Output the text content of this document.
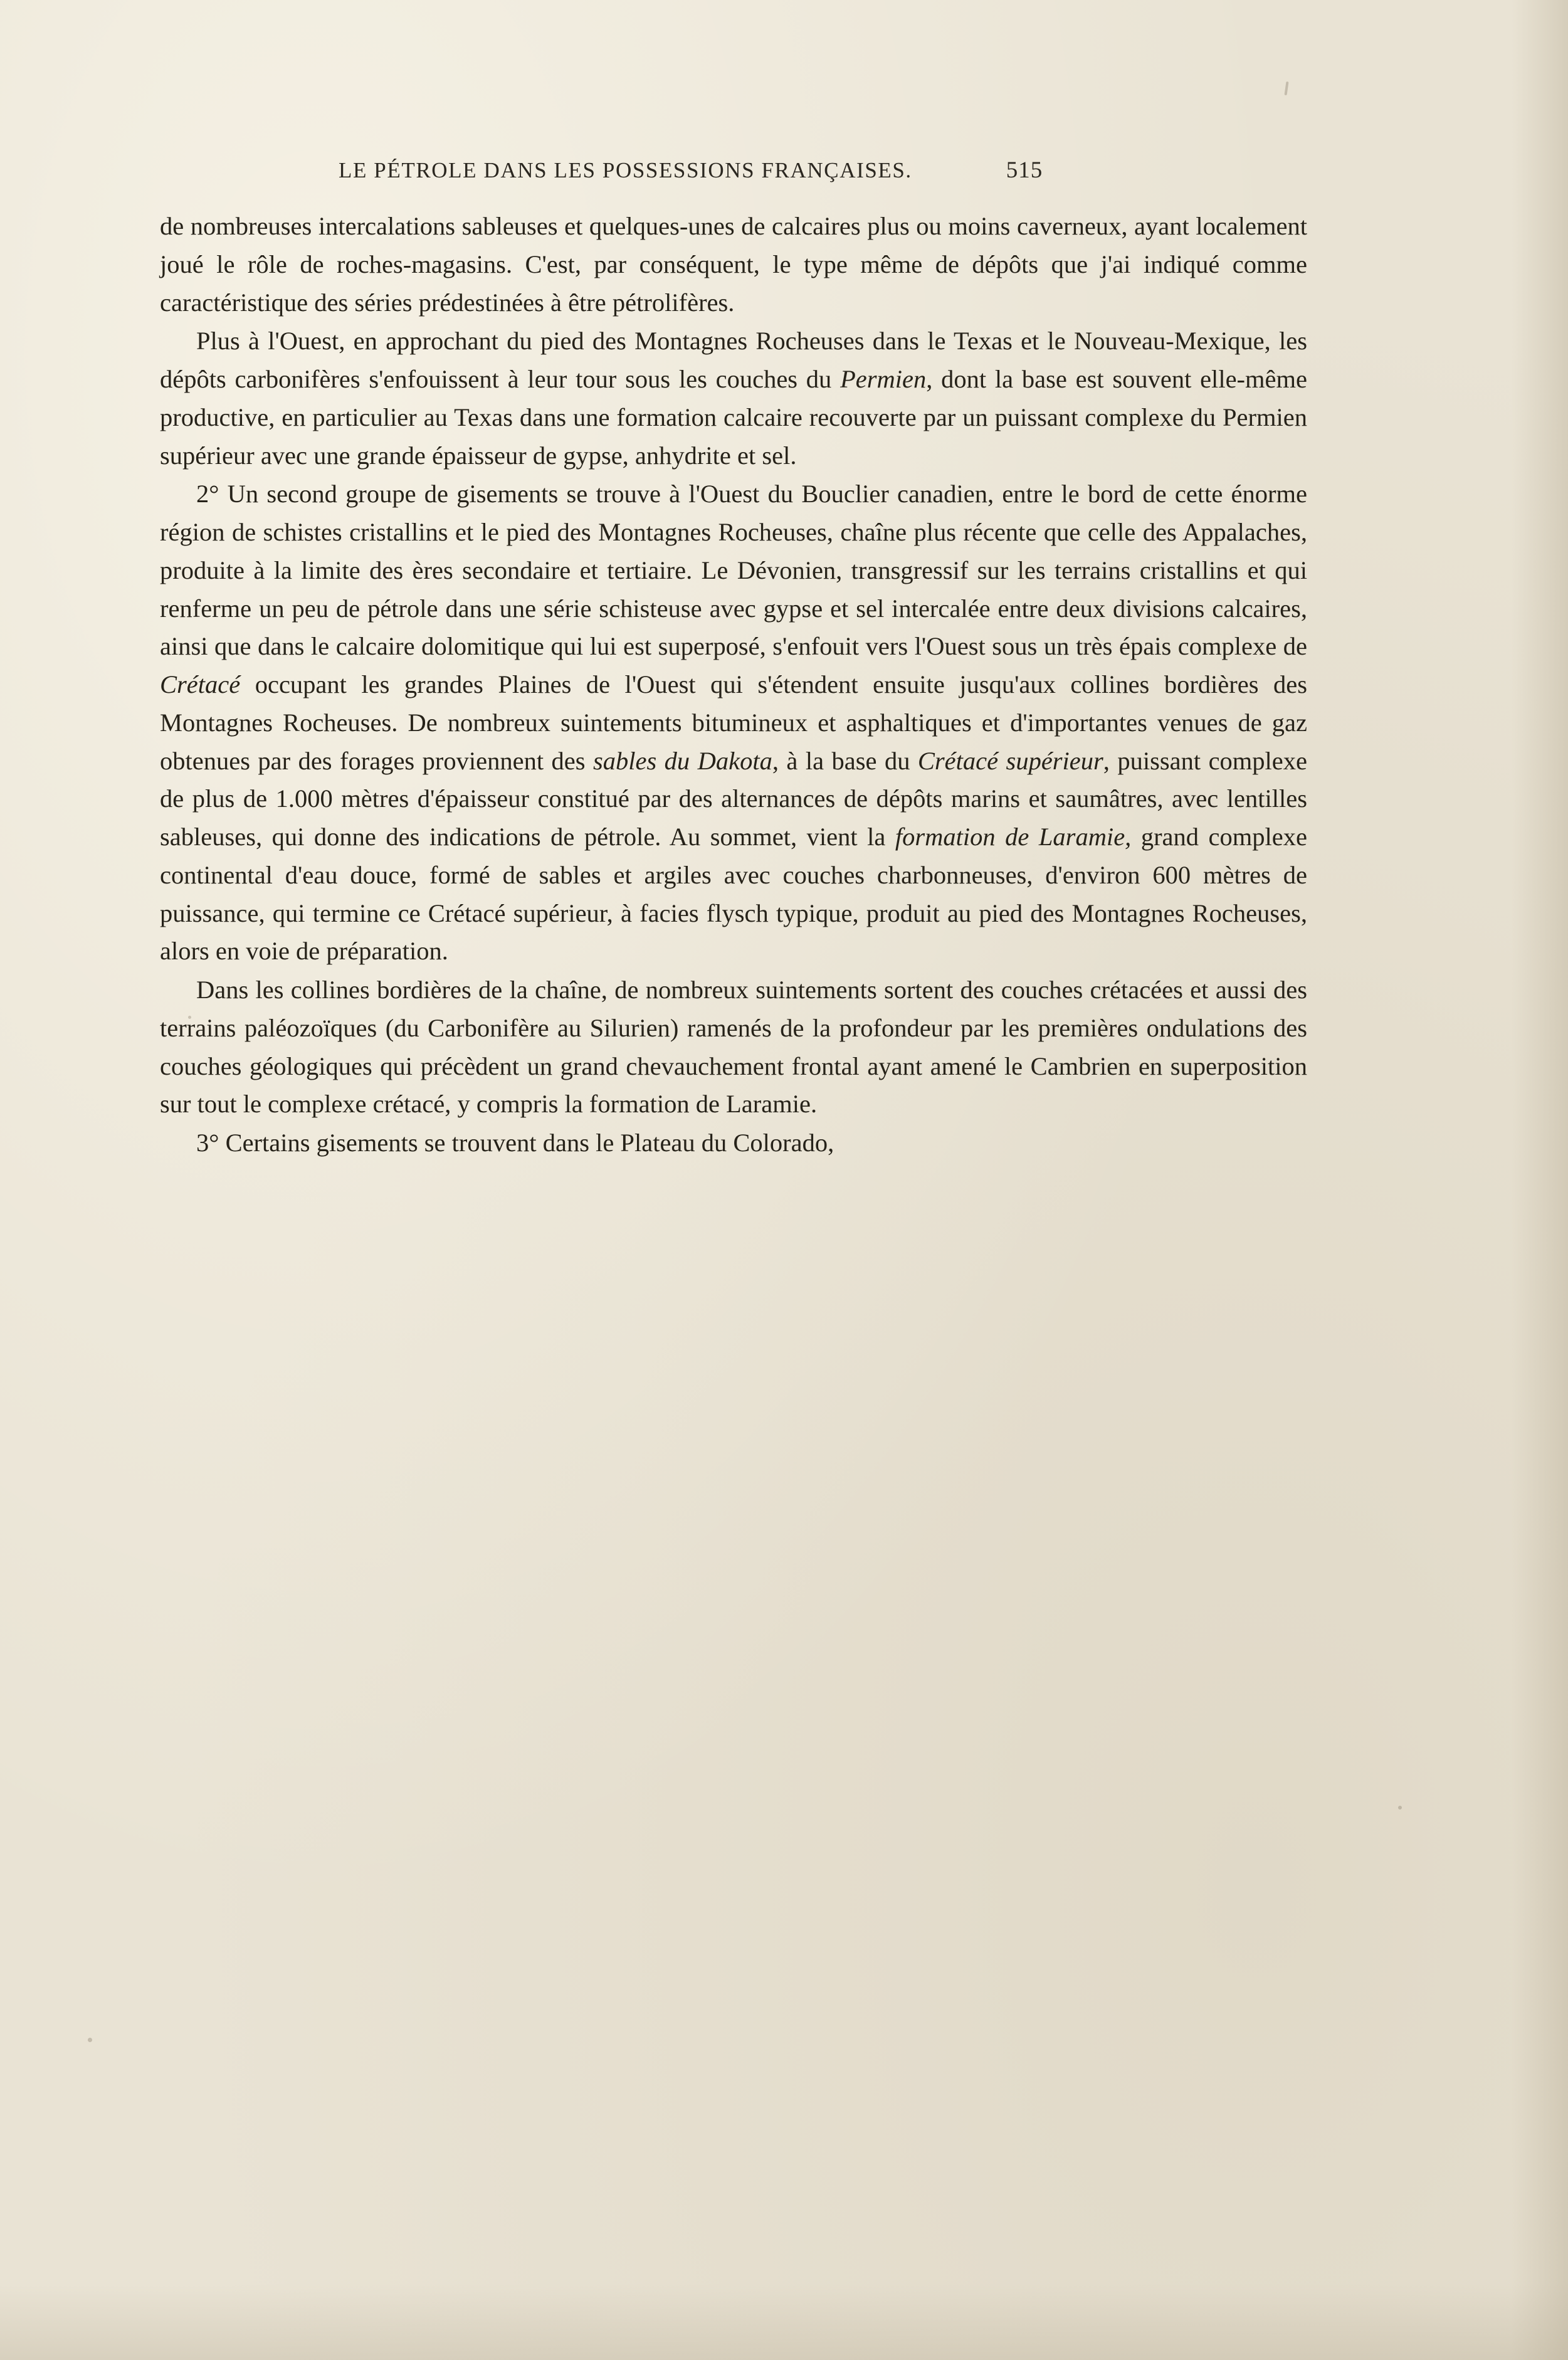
LE PÉTROLE DANS LES POSSESSIONS FRANÇAISES.	515

de nombreuses intercalations sableuses et quelques-unes de calcaires plus ou moins caverneux, ayant localement joué le rôle de roches-magasins. C'est, par conséquent, le type même de dépôts que j'ai indiqué comme caractéristique des séries prédestinées à être pétrolifères.

Plus à l'Ouest, en approchant du pied des Montagnes Rocheuses dans le Texas et le Nouveau-Mexique, les dépôts carbonifères s'enfouissent à leur tour sous les couches du Permien, dont la base est souvent elle-même productive, en particulier au Texas dans une formation calcaire recouverte par un puissant complexe du Permien supérieur avec une grande épaisseur de gypse, anhydrite et sel.

2° Un second groupe de gisements se trouve à l'Ouest du Bouclier canadien, entre le bord de cette énorme région de schistes cristallins et le pied des Montagnes Rocheuses, chaîne plus récente que celle des Appalaches, produite à la limite des ères secondaire et tertiaire. Le Dévonien, transgressif sur les terrains cristallins et qui renferme un peu de pétrole dans une série schisteuse avec gypse et sel intercalée entre deux divisions calcaires, ainsi que dans le calcaire dolomitique qui lui est superposé, s'enfouit vers l'Ouest sous un très épais complexe de Crétacé occupant les grandes Plaines de l'Ouest qui s'étendent ensuite jusqu'aux collines bordières des Montagnes Rocheuses. De nombreux suintements bitumineux et asphaltiques et d'importantes venues de gaz obtenues par des forages proviennent des sables du Dakota, à la base du Crétacé supérieur, puissant complexe de plus de 1.000 mètres d'épaisseur constitué par des alternances de dépôts marins et saumâtres, avec lentilles sableuses, qui donne des indications de pétrole. Au sommet, vient la formation de Laramie, grand complexe continental d'eau douce, formé de sables et argiles avec couches charbonneuses, d'environ 600 mètres de puissance, qui termine ce Crétacé supérieur, à facies flysch typique, produit au pied des Montagnes Rocheuses, alors en voie de préparation.

Dans les collines bordières de la chaîne, de nombreux suintements sortent des couches crétacées et aussi des terrains paléozoïques (du Carbonifère au Silurien) ramenés de la profondeur par les premières ondulations des couches géologiques qui précèdent un grand chevauchement frontal ayant amené le Cambrien en superposition sur tout le complexe crétacé, y compris la formation de Laramie.

3° Certains gisements se trouvent dans le Plateau du Colorado,
